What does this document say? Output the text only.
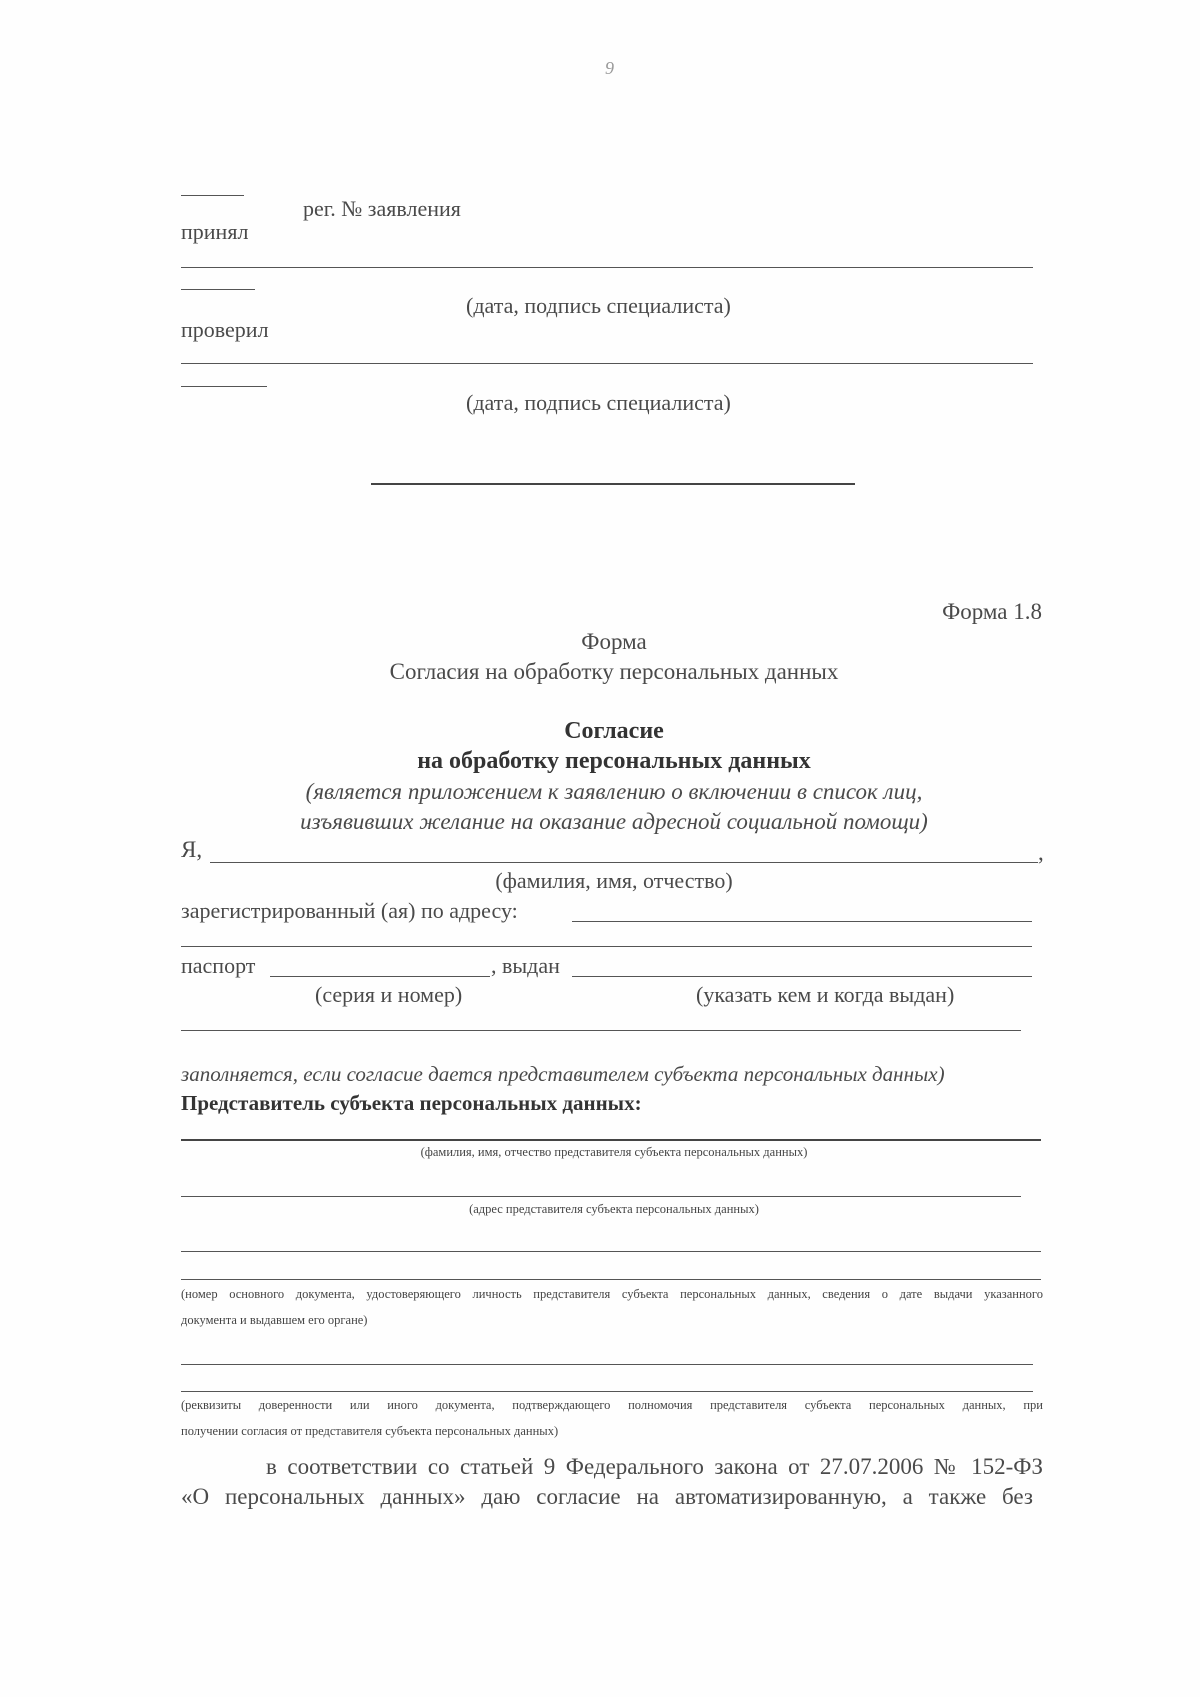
9
рег. № заявления
принял
(дата, подпись специалиста)
проверил
(дата, подпись специалиста)
Форма 1.8
Форма
Согласия на обработку персональных данных
Согласие
на обработку персональных данных
(является приложением к заявлению о включении в список лиц,
изъявивших желание на оказание адресной социальной помощи)
Я,	,
(фамилия, имя, отчество)
зарегистрированный (ая) по адресу:
паспорт	, выдан
(серия и номер)	(указать кем и когда выдан)
заполняется, если согласие дается представителем субъекта персональных данных)
Представитель субъекта персональных данных:
(фамилия, имя, отчество представителя субъекта персональных данных)
(адрес представителя субъекта персональных данных)
(номер основного документа, удостоверяющего личность представителя субъекта персональных данных, сведения о дате выдачи указанного
документа и выдавшем его органе)
(реквизиты доверенности или иного документа, подтверждающего полномочия представителя субъекта персональных данных, при
получении согласия от представителя субъекта персональных данных)
в соответствии со статьей 9 Федерального закона от 27.07.2006 № 152-ФЗ
«О персональных данных» даю согласие на автоматизированную, а также без
